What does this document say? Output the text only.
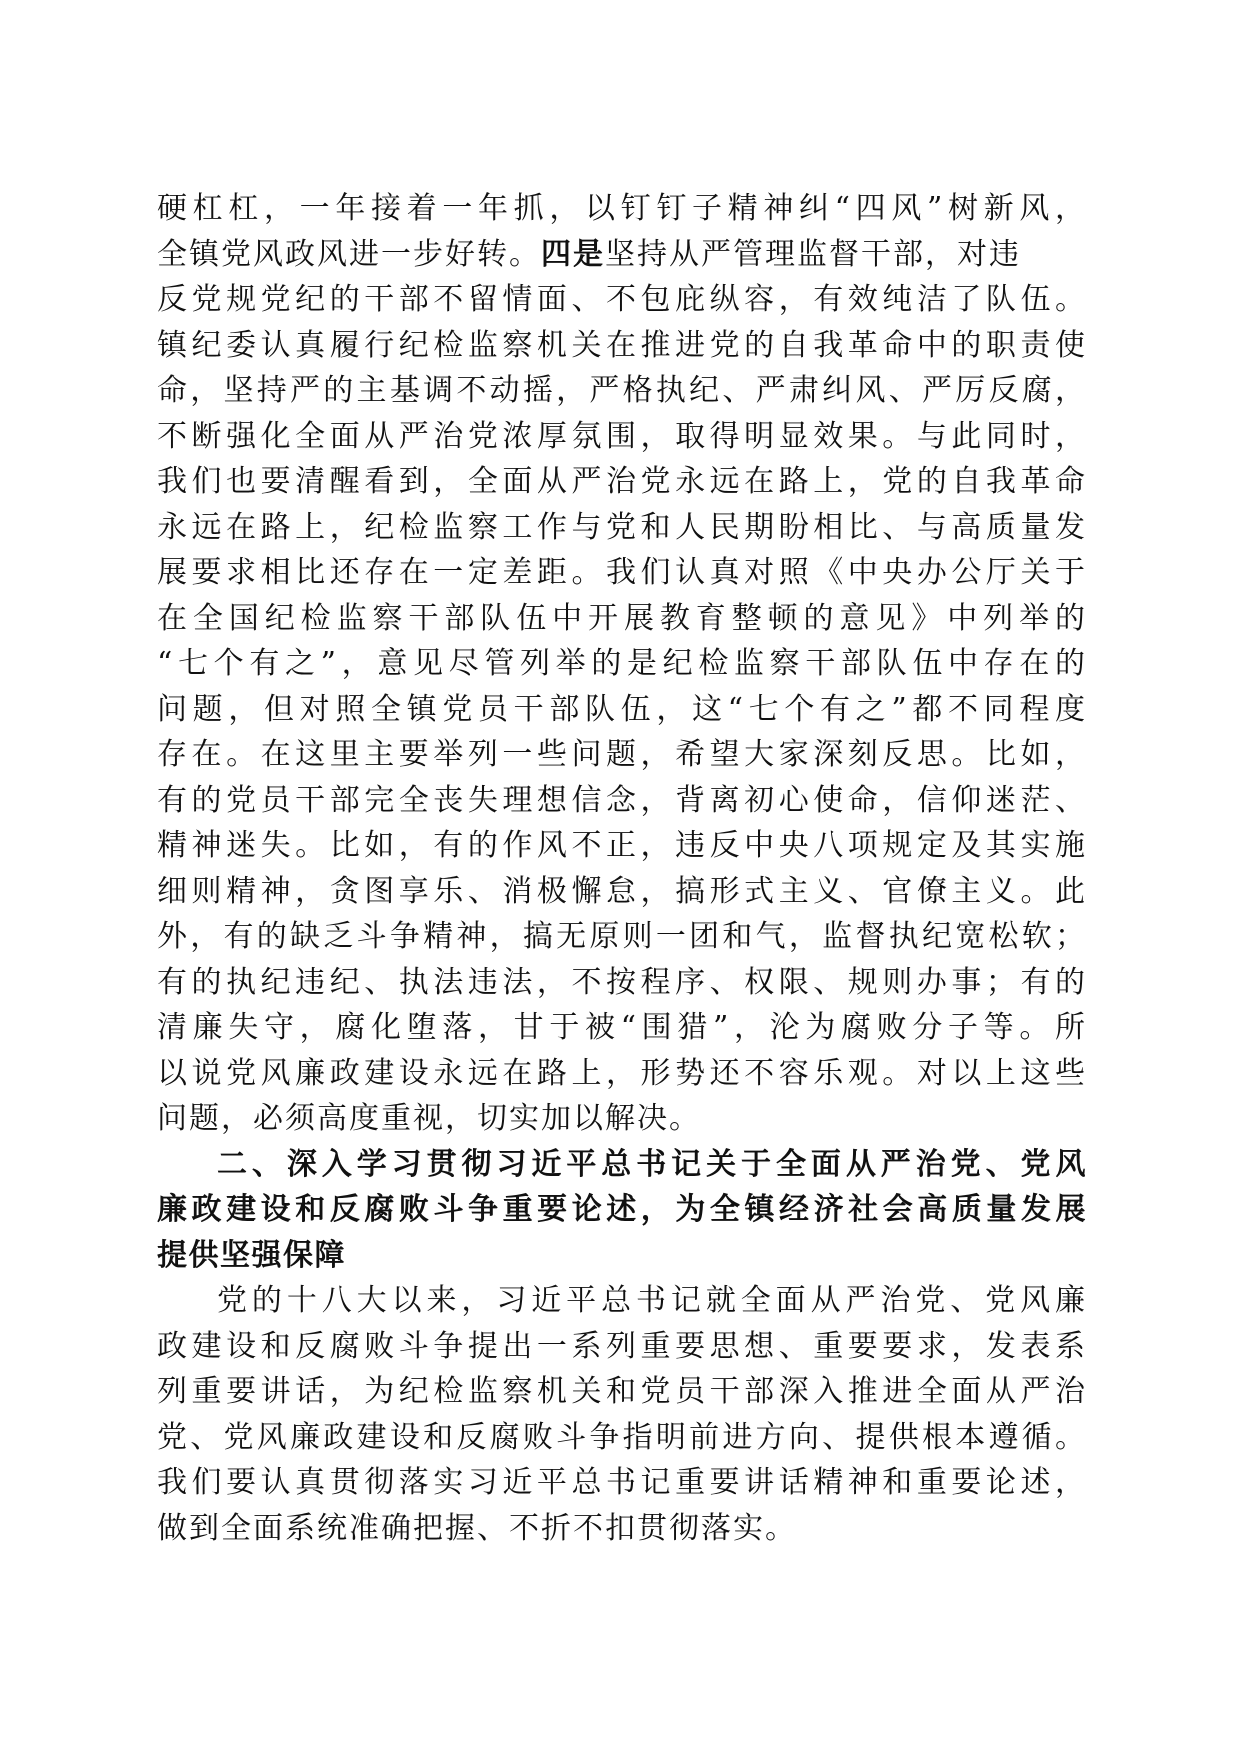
硬杠杠，一年接着一年抓，以钉钉子精神纠“四风”树新风，
全镇党风政风进一步好转。四是坚持从严管理监督干部，对违
反党规党纪的干部不留情面、不包庇纵容，有效纯洁了队伍。
镇纪委认真履行纪检监察机关在推进党的自我革命中的职责使
命，坚持严的主基调不动摇，严格执纪、严肃纠风、严厉反腐，
不断强化全面从严治党浓厚氛围，取得明显效果。与此同时，
我们也要清醒看到，全面从严治党永远在路上，党的自我革命
永远在路上，纪检监察工作与党和人民期盼相比、与高质量发
展要求相比还存在一定差距。我们认真对照《中央办公厅关于
在全国纪检监察干部队伍中开展教育整顿的意见》中列举的
“七个有之”，意见尽管列举的是纪检监察干部队伍中存在的
问题，但对照全镇党员干部队伍，这“七个有之”都不同程度
存在。在这里主要举列一些问题，希望大家深刻反思。比如，
有的党员干部完全丧失理想信念，背离初心使命，信仰迷茫、
精神迷失。比如，有的作风不正，违反中央八项规定及其实施
细则精神，贪图享乐、消极懈怠，搞形式主义、官僚主义。此
外，有的缺乏斗争精神，搞无原则一团和气，监督执纪宽松软；
有的执纪违纪、执法违法，不按程序、权限、规则办事；有的
清廉失守，腐化堕落，甘于被“围猎”，沦为腐败分子等。所
以说党风廉政建设永远在路上，形势还不容乐观。对以上这些
问题，必须高度重视，切实加以解决。
二、深入学习贯彻习近平总书记关于全面从严治党、党风
廉政建设和反腐败斗争重要论述，为全镇经济社会高质量发展
提供坚强保障
党的十八大以来，习近平总书记就全面从严治党、党风廉
政建设和反腐败斗争提出一系列重要思想、重要要求，发表系
列重要讲话，为纪检监察机关和党员干部深入推进全面从严治
党、党风廉政建设和反腐败斗争指明前进方向、提供根本遵循。
我们要认真贯彻落实习近平总书记重要讲话精神和重要论述，
做到全面系统准确把握、不折不扣贯彻落实。
